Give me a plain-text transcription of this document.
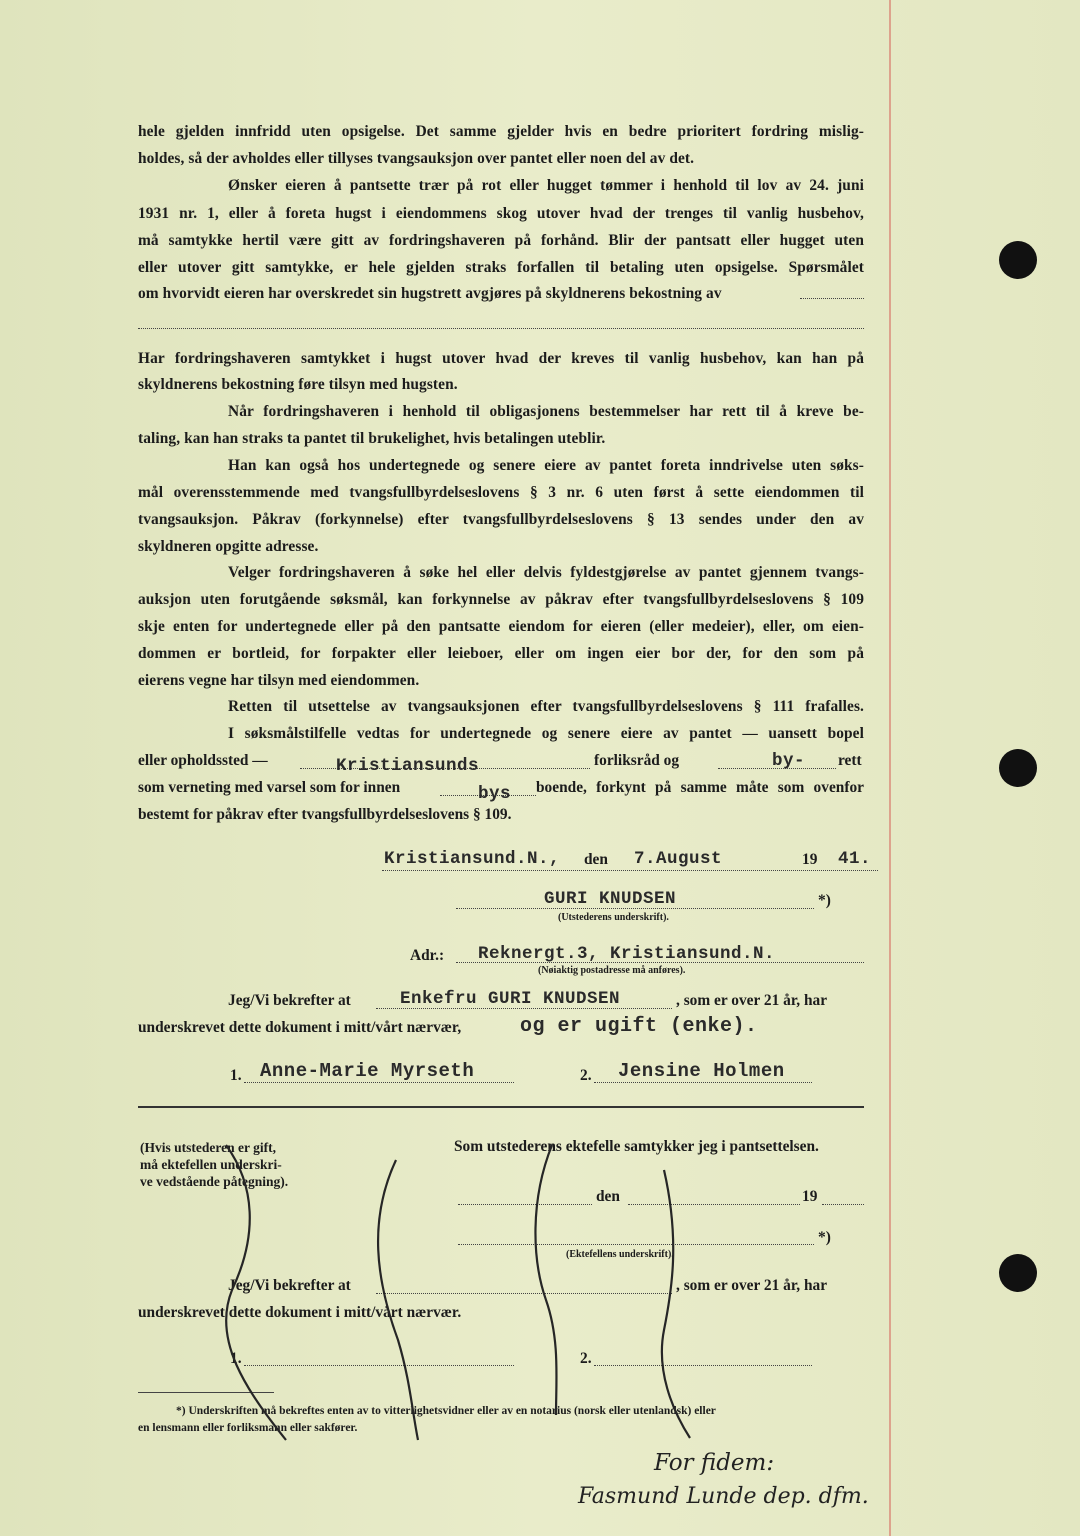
hele gjelden innfridd uten opsigelse. Det samme gjelder hvis en bedre prioritert fordring mislig-
holdes, så der avholdes eller tillyses tvangsauksjon over pantet eller noen del av det.
Ønsker eieren å pantsette trær på rot eller hugget tømmer i henhold til lov av 24. juni
1931 nr. 1, eller å foreta hugst i eiendommens skog utover hvad der trenges til vanlig husbehov,
må samtykke hertil være gitt av fordringshaveren på forhånd. Blir der pantsatt eller hugget uten
eller utover gitt samtykke, er hele gjelden straks forfallen til betaling uten opsigelse. Spørsmålet
om hvorvidt eieren har overskredet sin hugstrett avgjøres på skyldnerens bekostning av
Har fordringshaveren samtykket i hugst utover hvad der kreves til vanlig husbehov, kan han på
skyldnerens bekostning føre tilsyn med hugsten.
Når fordringshaveren i henhold til obligasjonens bestemmelser har rett til å kreve be-
taling, kan han straks ta pantet til brukelighet, hvis betalingen uteblir.
Han kan også hos undertegnede og senere eiere av pantet foreta inndrivelse uten søks-
mål overensstemmende med tvangsfullbyrdelseslovens § 3 nr. 6 uten først å sette eiendommen til
tvangsauksjon. Påkrav (forkynnelse) efter tvangsfullbyrdelseslovens § 13 sendes under den av
skyldneren opgitte adresse.
Velger fordringshaveren å søke hel eller delvis fyldestgjørelse av pantet gjennem tvangs-
auksjon uten forutgående søksmål, kan forkynnelse av påkrav efter tvangsfullbyrdelseslovens § 109
skje enten for undertegnede eller på den pantsatte eiendom for eieren (eller medeier), eller, om eien-
dommen er bortleid, for forpakter eller leieboer, eller om ingen eier bor der, for den som på
eierens vegne har tilsyn med eiendommen.
Retten til utsettelse av tvangsauksjonen efter tvangsfullbyrdelseslovens § 111 frafalles.
I søksmålstilfelle vedtas for undertegnede og senere eiere av pantet — uansett bopel
eller opholdssted —	Kristiansunds	forliksråd og	by- rett
som verneting med varsel som for innen	bys boende, forkynt på samme måte som ovenfor
bestemt for påkrav efter tvangsfullbyrdelseslovens § 109.
Kristiansund.N., den 7.August	19 41.
GURI KNUDSEN	*)
(Utstederens underskrift).
Adr.: Reknergt.3, Kristiansund.N.
(Nøiaktig postadresse må anføres).
Jeg/Vi bekrefter at	Enkefru GURI KNUDSEN	, som er over 21 år, har
underskrevet dette dokument i mitt/vårt nærvær,	og er ugift (enke).
1. Anne-Marie Myrseth	2. Jensine Holmen
(Hvis utstederen er gift,
må ektefellen underskri-
ve vedstående påtegning).
Som utstederens ektefelle samtykker jeg i pantsettelsen.
den	19
*)
(Ektefellens underskrift).
Jeg/Vi bekrefter at	, som er over 21 år, har
underskrevet dette dokument i mitt/vårt nærvær.
1.	2.
*) Underskriften må bekreftes enten av to vitterlighetsvidner eller av en notarius (norsk eller utenlandsk) eller
en lensmann eller forliksmann eller sakfører.
For fidem:
Fasmund Lunde dep. dfm.
